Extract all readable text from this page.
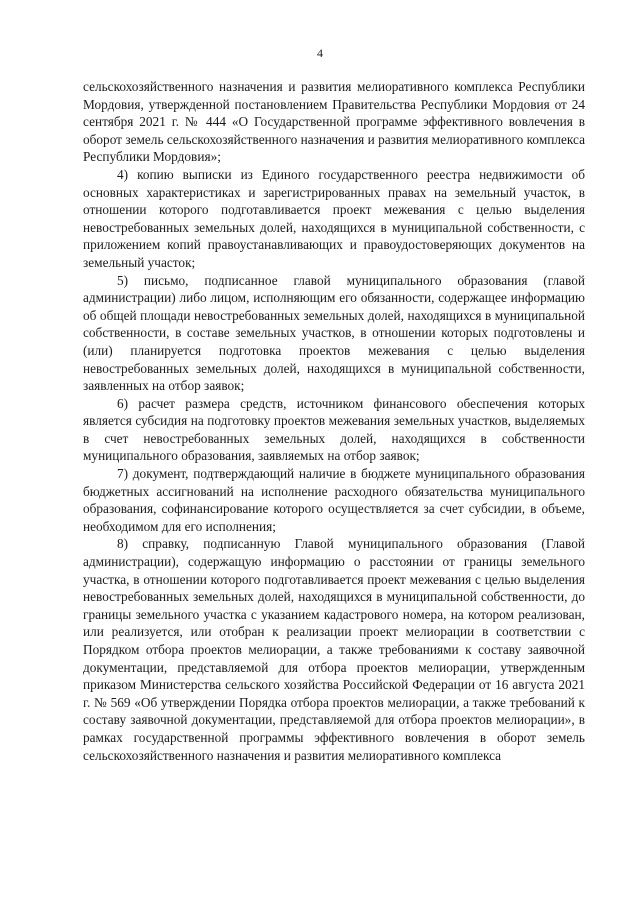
4

сельскохозяйственного назначения и развития мелиоративного комплекса Республики Мордовия, утвержденной постановлением Правительства Республики Мордовия от 24 сентября 2021 г. № 444 «О Государственной программе эффективного вовлечения в оборот земель сельскохозяйственного назначения и развития мелиоративного комплекса Республики Мордовия»;

4) копию выписки из Единого государственного реестра недвижимости об основных характеристиках и зарегистрированных правах на земельный участок, в отношении которого подготавливается проект межевания с целью выделения невостребованных земельных долей, находящихся в муниципальной собственности, с приложением копий правоустанавливающих и правоудостоверяющих документов на земельный участок;

5) письмо, подписанное главой муниципального образования (главой администрации) либо лицом, исполняющим его обязанности, содержащее информацию об общей площади невостребованных земельных долей, находящихся в муниципальной собственности, в составе земельных участков, в отношении которых подготовлены и (или) планируется подготовка проектов межевания с целью выделения невостребованных земельных долей, находящихся в муниципальной собственности, заявленных на отбор заявок;

6) расчет размера средств, источником финансового обеспечения которых является субсидия на подготовку проектов межевания земельных участков, выделяемых в счет невостребованных земельных долей, находящихся в собственности муниципального образования, заявляемых на отбор заявок;

7) документ, подтверждающий наличие в бюджете муниципального образования бюджетных ассигнований на исполнение расходного обязательства муниципального образования, софинансирование которого осуществляется за счет субсидии, в объеме, необходимом для его исполнения;

8) справку, подписанную Главой муниципального образования (Главой администрации), содержащую информацию о расстоянии от границы земельного участка, в отношении которого подготавливается проект межевания с целью выделения невостребованных земельных долей, находящихся в муниципальной собственности, до границы земельного участка с указанием кадастрового номера, на котором реализован, или реализуется, или отобран к реализации проект мелиорации в соответствии с Порядком отбора проектов мелиорации, а также требованиями к составу заявочной документации, представляемой для отбора проектов мелиорации, утвержденным приказом Министерства сельского хозяйства Российской Федерации от 16 августа 2021 г. № 569 «Об утверждении Порядка отбора проектов мелиорации, а также требований к составу заявочной документации, представляемой для отбора проектов мелиорации», в рамках государственной программы эффективного вовлечения в оборот земель сельскохозяйственного назначения и развития мелиоративного комплекса
